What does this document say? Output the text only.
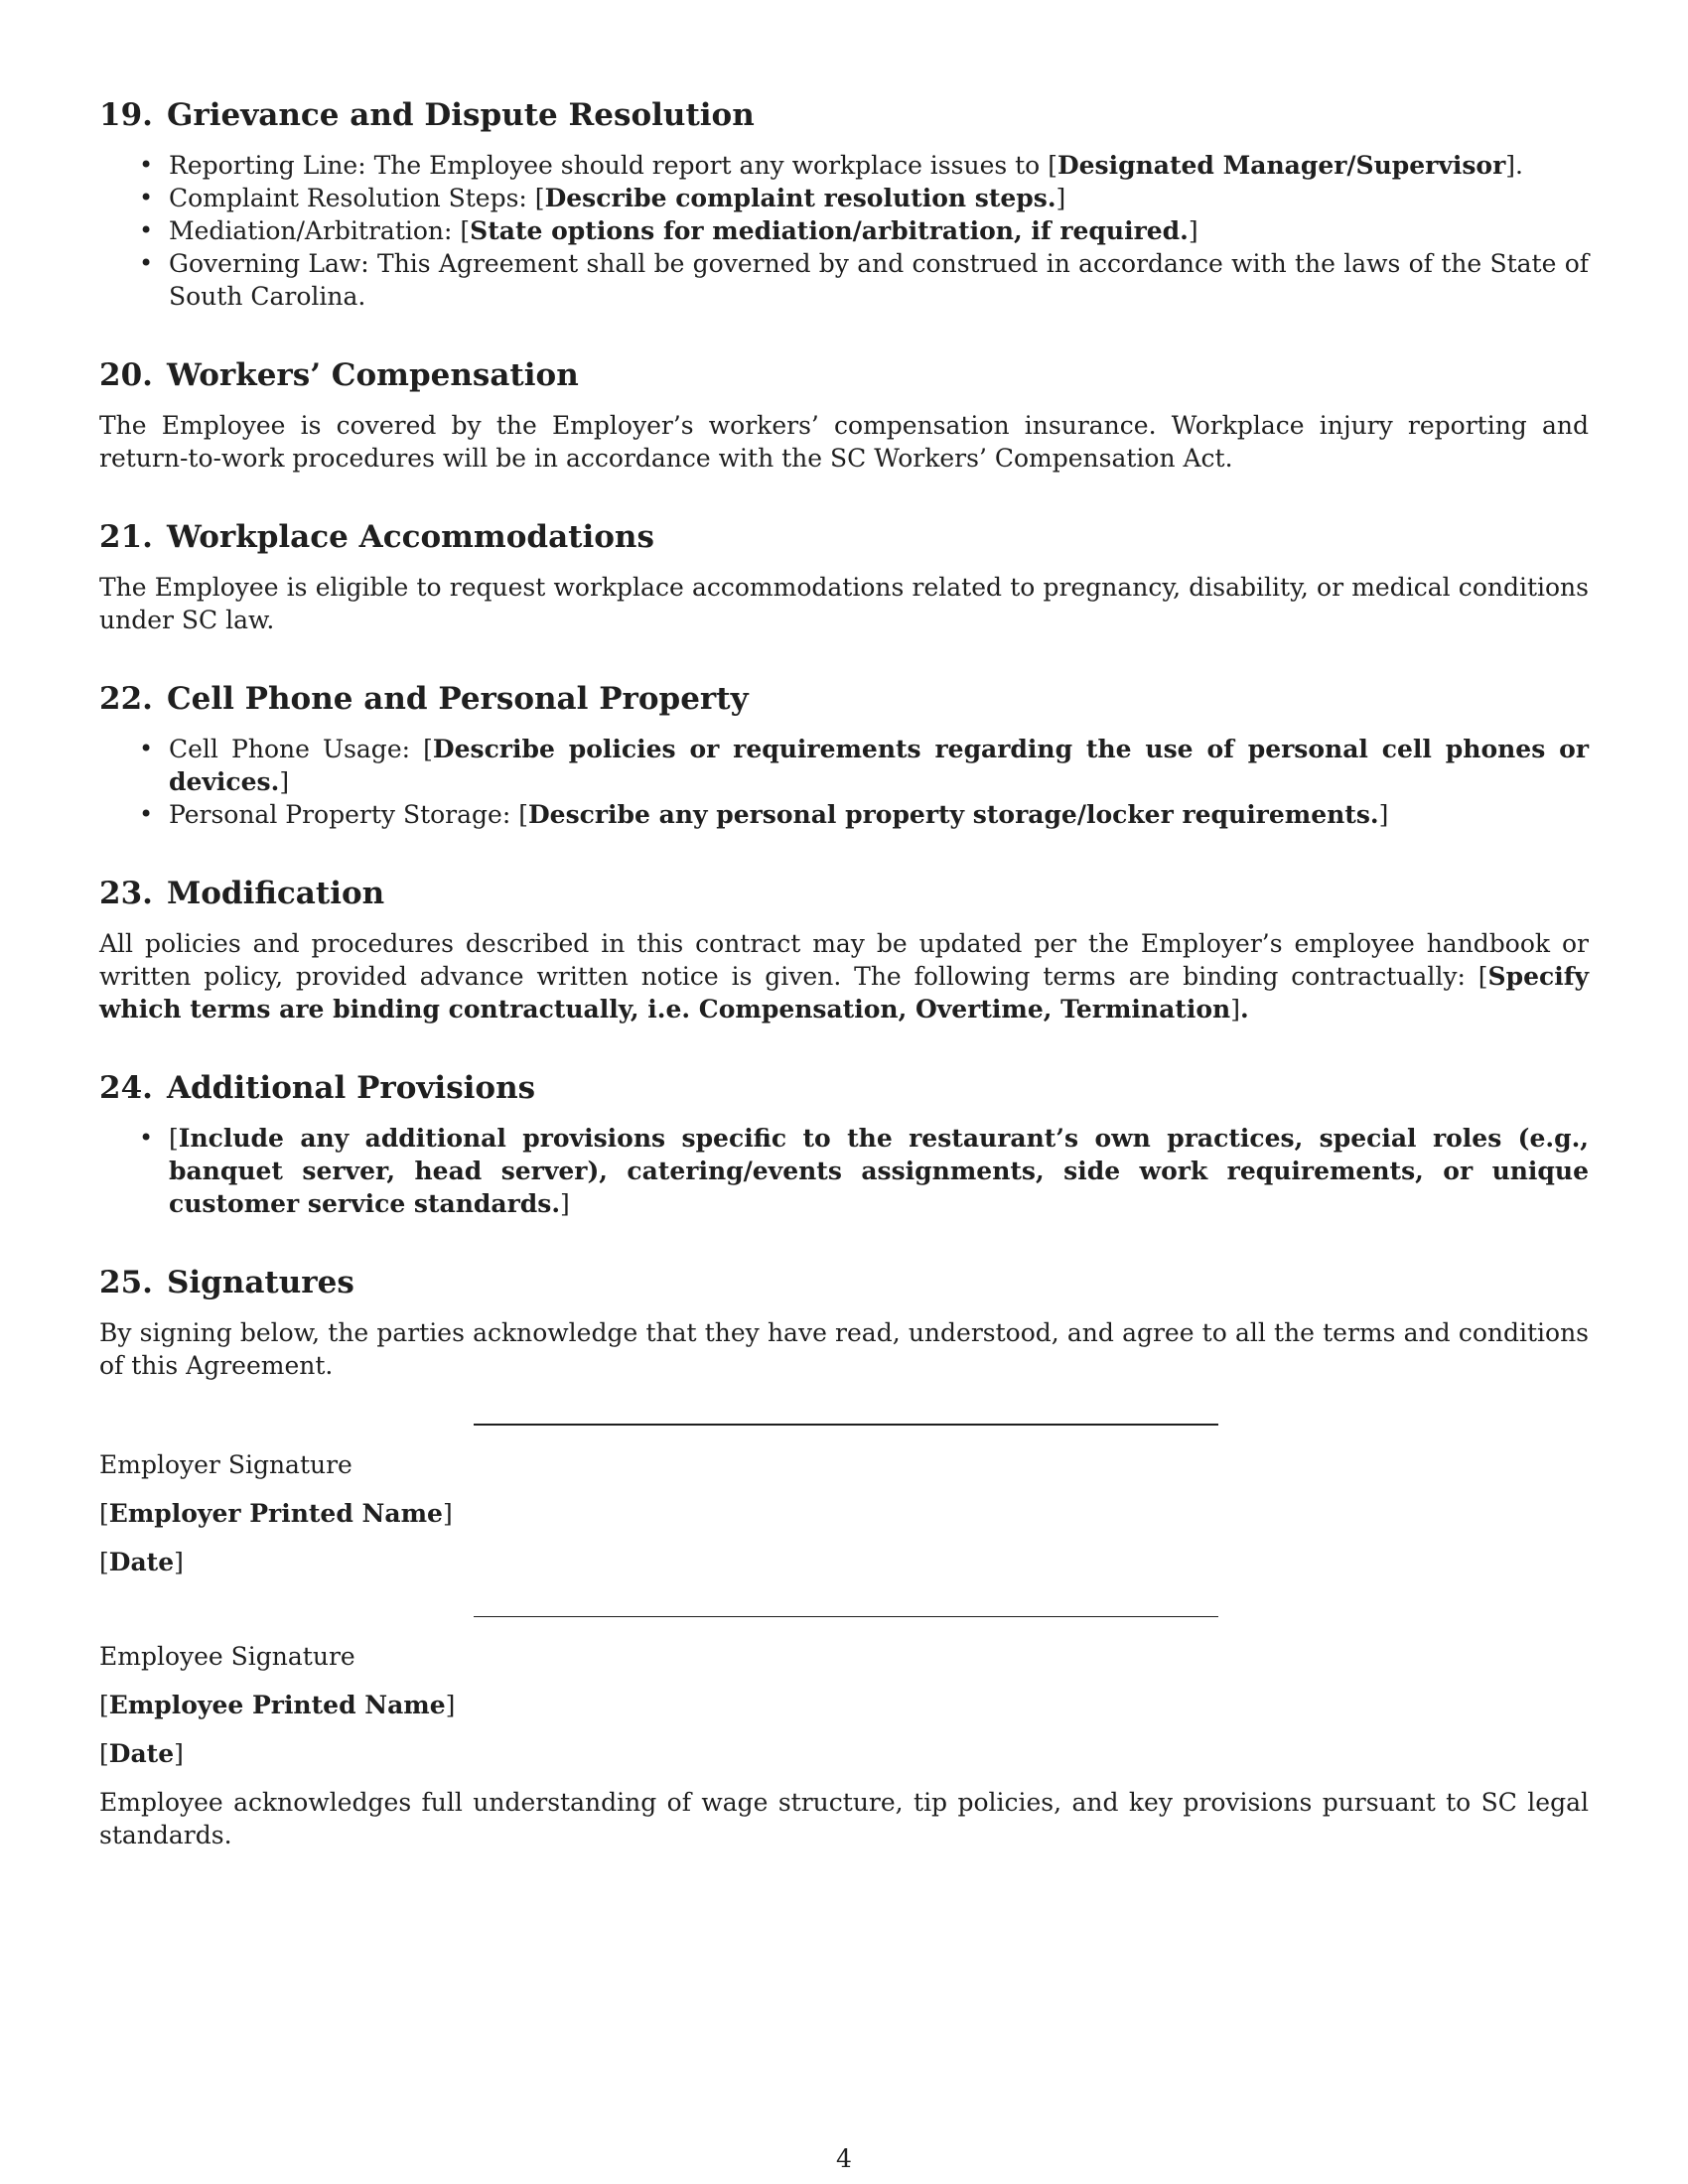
19. Grievance and Dispute Resolution
• Reporting Line: The Employee should report any workplace issues to [Designated Manager/Supervisor].
• Complaint Resolution Steps: [Describe complaint resolution steps.]
• Mediation/Arbitration: [State options for mediation/arbitration, if required.]
• Governing Law: This Agreement shall be governed by and construed in accordance with the laws of the State of South Carolina.
20. Workers’ Compensation

The Employee is covered by the Employer’s workers’ compensation insurance. Workplace injury reporting and return-to-work procedures will be in accordance with the SC Workers’ Compensation Act.

21. Workplace Accommodations

The Employee is eligible to request workplace accommodations related to pregnancy, disability, or medical conditions under SC law.

22. Cell Phone and Personal Property
• Cell Phone Usage: [Describe policies or requirements regarding the use of personal cell phones or devices.]
• Personal Property Storage: [Describe any personal property storage/locker requirements.]
23. Modification

All policies and procedures described in this contract may be updated per the Employer’s employee handbook or written policy, provided advance written notice is given. The following terms are binding contractually: [Specify which terms are binding contractually, i.e. Compensation, Overtime, Termination].

24. Additional Provisions
• [Include any additional provisions specific to the restaurant’s own practices, special roles (e.g., banquet server, head server), catering/events assignments, side work requirements, or unique customer service standards.]
25. Signatures

By signing below, the parties acknowledge that they have read, understood, and agree to all the terms and conditions of this Agreement.

Employer Signature
[Employer Printed Name]
[Date]
Employee Signature
[Employee Printed Name]
[Date]

Employee acknowledges full understanding of wage structure, tip policies, and key provisions pursuant to SC legal standards.

4
